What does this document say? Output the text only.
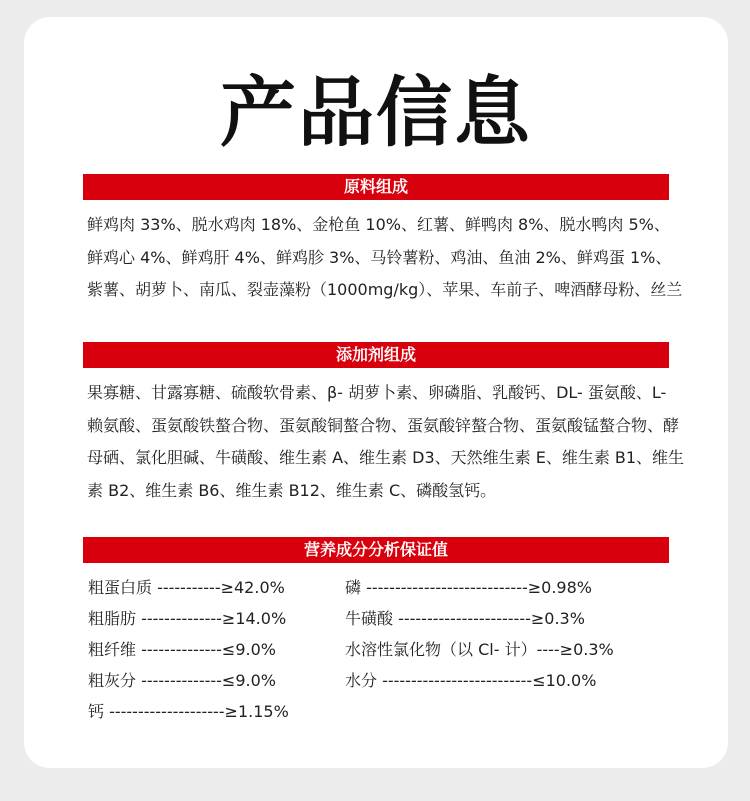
产品信息
原料组成

鲜鸡肉 33%、脱水鸡肉 18%、金枪鱼 10%、红薯、鲜鸭肉 8%、脱水鸭肉 5%、鲜鸡心 4%、鲜鸡肝 4%、鲜鸡胗 3%、马铃薯粉、鸡油、鱼油 2%、鲜鸡蛋 1%、紫薯、胡萝卜、南瓜、裂壶藻粉（1000mg/kg）、苹果、车前子、啤酒酵母粉、丝兰

添加剂组成

果寡糖、甘露寡糖、硫酸软骨素、β- 胡萝卜素、卵磷脂、乳酸钙、DL- 蛋氨酸、L- 赖氨酸、蛋氨酸铁螯合物、蛋氨酸铜螯合物、蛋氨酸锌螯合物、蛋氨酸锰螯合物、酵母硒、氯化胆碱、牛磺酸、维生素 A、维生素 D3、天然维生素 E、维生素 B1、维生素 B2、维生素 B6、维生素 B12、维生素 C、磷酸氢钙。

营养成分分析保证值
粗蛋白质 -----------≥42.0%
粗脂肪 --------------≥14.0%
粗纤维 --------------≤9.0%
粗灰分 --------------≤9.0%
钙 --------------------≥1.15%
磷 ----------------------------≥0.98%
牛磺酸 -----------------------≥0.3%
水溶性氯化物（以 Cl- 计）----≥0.3%
水分 --------------------------≤10.0%
